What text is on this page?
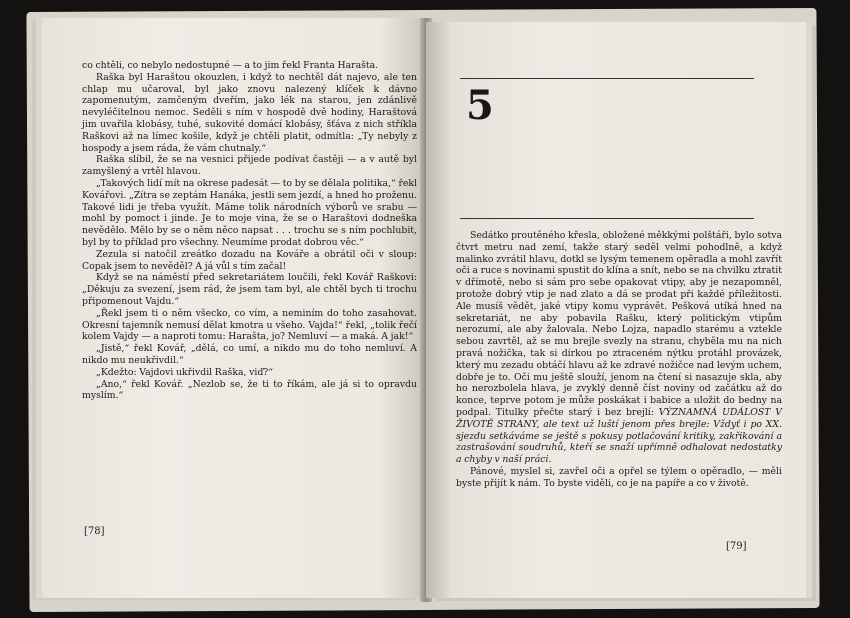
co chtěli, co nebylo nedostupné — a to jim řekl Franta Haraštа.

Raška byl Haraštou okouzlen, i když to nechtěl dát najevo, ale ten chlap mu učaroval, byl jako znovu nalezený klíček k dávno zapomenutým, zamčeným dveřím, jako lék na starou, jen zdánlivě nevyléčitelnou nemoc. Seděli s ním v hospodě dvě hodiny, Haraštová jim uvařila klobásy, tuhé, sukovité domácí klobásy, šťáva z nich stříkla Raškovi až na límec košile, když je chtěli platit, odmítla: „Ty nebyly z hospody a jsem ráda, že vám chutnaly.“

Raška slíbil, že se na vesnici přijede podívat častěji — a v autě byl zamyšlený a vrtěl hlavou.

„Takových lidí mít na okrese padesát — to by se dělala politika,“ řekl Kovářovi. „Zítra se zeptám Hanáka, jestli sem jezdí, a hned ho proženu. Takové lidi je třeba využít. Máme tolik národních výborů ve srabu — mohl by pomoct i jinde. Je to moje vina, že se o Haraštovi dodneška nevědělo. Mělo by se o něm něco napsat . . . trochu se s ním pochlubit, byl by to příklad pro všechny. Neumíme prodat dobrou věc.“

Zezula si natočil zreátko dozadu na Kováře a obrátil oči v sloup: Copak jsem to nevěděl? A já vůl s tím začal!

Když se na náměstí před sekretariátem loučili, řekl Kovář Raškovi: „Děkuju za svezení, jsem rád, že jsem tam byl, ale chtěl bych ti trochu připomenout Vajdu.“

„Řekl jsem ti o něm všecko, co vím, a neminím do toho zasahovat. Okresní tajemník nemusí dělat kmotra u všeho. Vajda!“ řekl, „tolik řečí kolem Vajdy — a naproti tomu: Harašta, jo? Nemluví — a maká. A jak!“

„Jistě,“ řekl Kovář, „dělá, co umí, a nikdo mu do toho nemluví. A nikdo mu neukřivdil.“

„Kdežto: Vajdovi ukřivdil Raška, viď?“

„Ano,“ řekl Kovář. „Nezlob se, že ti to říkám, ale já si to opravdu myslím.“

[78]
5

Sedátko proutěného křesla, obložené měkkými polštáři, bylo sotva čtvrt metru nad zemí, takže starý seděl velmi pohodlně, a když malinko zvrátil hlavu, dotkl se lysým temenem opěradla a mohl zavřít oči a ruce s novinami spustit do klína a snít, nebo se na chvilku ztratit v dřímotě, nebo si sám pro sebe opakovat vtipy, aby je nezapomněl, protože dobrý vtip je nad zlato a dá se prodat při každé příležitosti. Ale musíš vědět, jaké vtipy komu vyprávět. Pešková utíká hned na sekretariát, ne aby pobavila Rašku, který politickým vtipům nerozumí, ale aby žalovala. Nebo Lojza, napadlo starému a vztekle sebou zavrtěl, až se mu brejle svezly na stranu, chyběla mu na nich pravá nožička, tak si dírkou po ztraceném nýtku protáhl provázek, který mu zezadu obtáčí hlavu až ke zdravé nožičce nad levým uchem, dobře je to. Oči mu ještě slouží, jenom na čtení si nasazuje skla, aby ho nerozbolela hlava, je zvyklý denně číst noviny od začátku až do konce, teprve potom je může poskákat i babice a uložit do bedny na podpal. Titulky přečte starý i bez brejlí: VÝZNAMNÁ UDÁLOST V ŽIVOTĚ STRANY, ale text už luští jenom přes brejle: Vždyť i po XX. sjezdu setkáváme se ještě s pokusy potlačování kritiky, zakřikování a zastrašování soudruhů, kteří se snaží upřímně odhalovat nedostatky a chyby v naší práci.

Pánové, myslel si, zavřel oči a opřel se týlem o opěradlo, — měli byste přijít k nám. To byste viděli, co je na papíře a co v životě.

[79]
